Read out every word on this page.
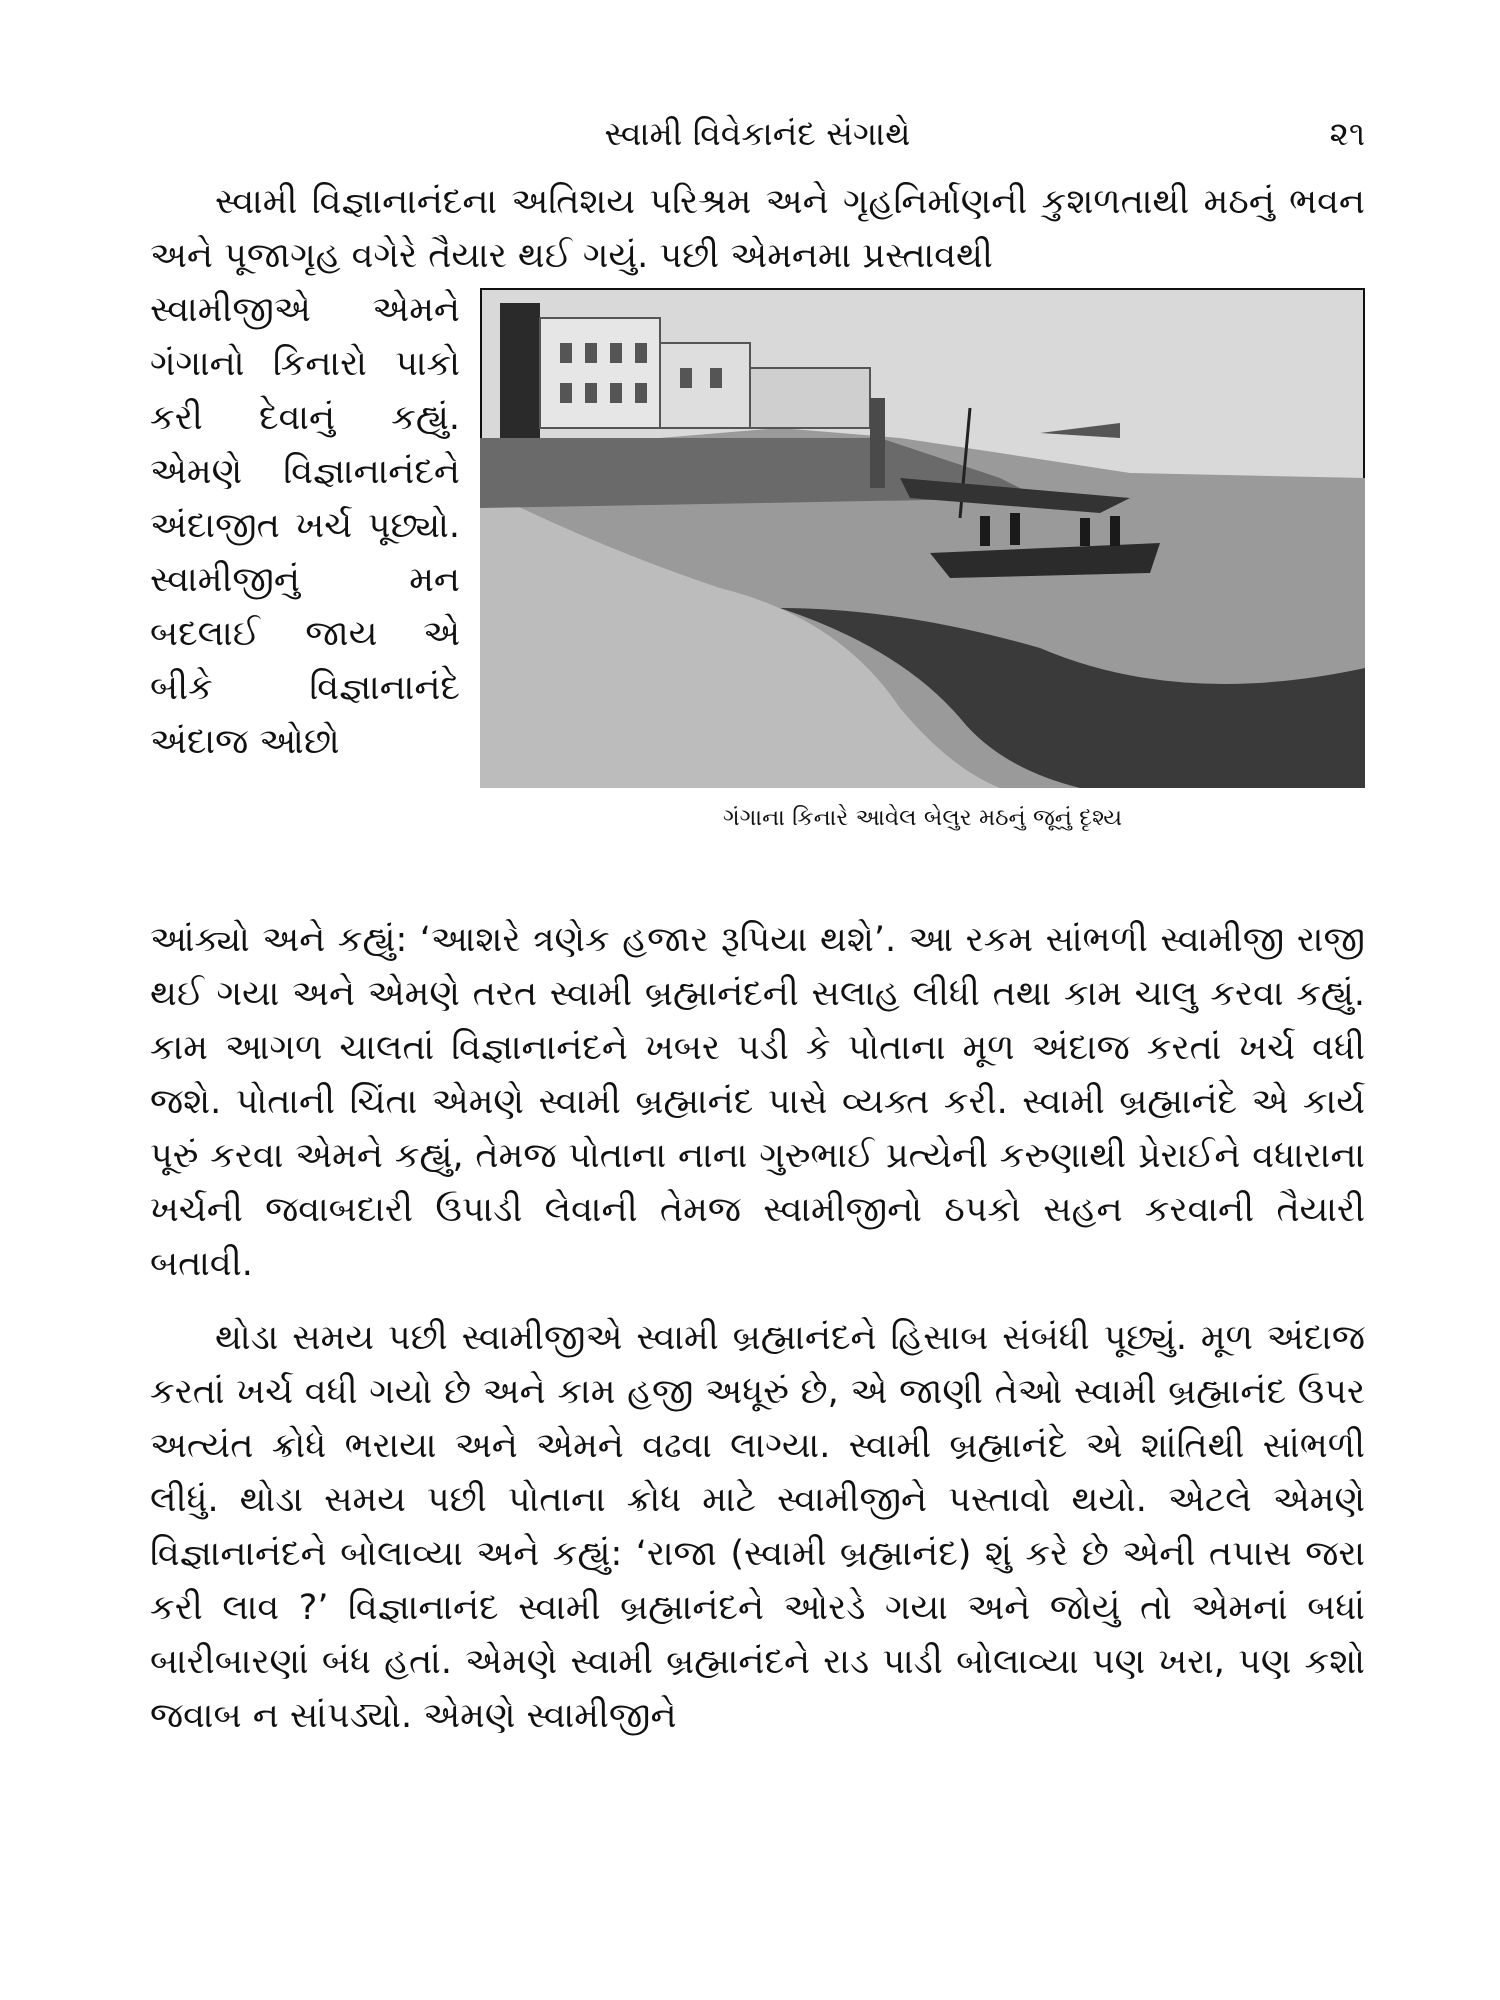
સ્વામી વિવેકાનંદ સંગાથે	૨૧

સ્વામી વિજ્ઞાનાનંદના અતિશય પરિશ્રમ અને ગૃહનિર્માણની કુશળતાથી મઠનું ભવન અને પૂજાગૃહ વગેરે તૈયાર થઈ ગયું. પછી એમનમા પ્રસ્તાવથી

સ્વામીજીએ એમને ગંગાનો કિનારો પાકો કરી દેવાનું કહ્યું. એમણે વિજ્ઞાનાનંદને અંદાજીત ખર્ચ પૂછ્યો. સ્વામીજીનું મન બદલાઈ જાય એ બીકે વિજ્ઞાનાનંદે અંદાજ ઓછો
ગંગાના કિનારે આવેલ બેલુર મઠનું જૂનું દૃશ્ય

આંક્યો અને કહ્યું: ‘આશરે ત્રણેક હજાર રૂપિયા થશે’. આ રકમ સાંભળી સ્વામીજી રાજી થઈ ગયા અને એમણે તરત સ્વામી બ્રહ્માનંદની સલાહ લીધી તથા કામ ચાલુ કરવા કહ્યું. કામ આગળ ચાલતાં વિજ્ઞાનાનંદને ખબર પડી કે પોતાના મૂળ અંદાજ કરતાં ખર્ચ વધી જશે. પોતાની ચિંતા એમણે સ્વામી બ્રહ્માનંદ પાસે વ્યક્ત કરી. સ્વામી બ્રહ્માનંદે એ કાર્ય પૂરું કરવા એમને કહ્યું, તેમજ પોતાના નાના ગુરુભાઈ પ્રત્યેની કરુણાથી પ્રેરાઈને વધારાના ખર્ચની જવાબદારી ઉપાડી લેવાની તેમજ સ્વામીજીનો ઠપકો સહન કરવાની તૈયારી બતાવી.

થોડા સમય પછી સ્વામીજીએ સ્વામી બ્રહ્માનંદને હિસાબ સંબંધી પૂછ્યું. મૂળ અંદાજ કરતાં ખર્ચ વધી ગયો છે અને કામ હજી અધૂરું છે, એ જાણી તેઓ સ્વામી બ્રહ્માનંદ ઉપર અત્યંત ક્રોધે ભરાયા અને એમને વઢવા લાગ્યા. સ્વામી બ્રહ્માનંદે એ શાંતિથી સાંભળી લીધું. થોડા સમય પછી પોતાના ક્રોધ માટે સ્વામીજીને પસ્તાવો થયો. એટલે એમણે વિજ્ઞાનાનંદને બોલાવ્યા અને કહ્યું: ‘રાજા (સ્વામી બ્રહ્માનંદ) શું કરે છે એની તપાસ જરા કરી લાવ ?’ વિજ્ઞાનાનંદ સ્વામી બ્રહ્માનંદને ઓરડે ગયા અને જોયું તો એમનાં બધાં બારીબારણાં બંધ હતાં. એમણે સ્વામી બ્રહ્માનંદને રાડ પાડી બોલાવ્યા પણ ખરા, પણ કશો જવાબ ન સાંપડ્યો. એમણે સ્વામીજીને
